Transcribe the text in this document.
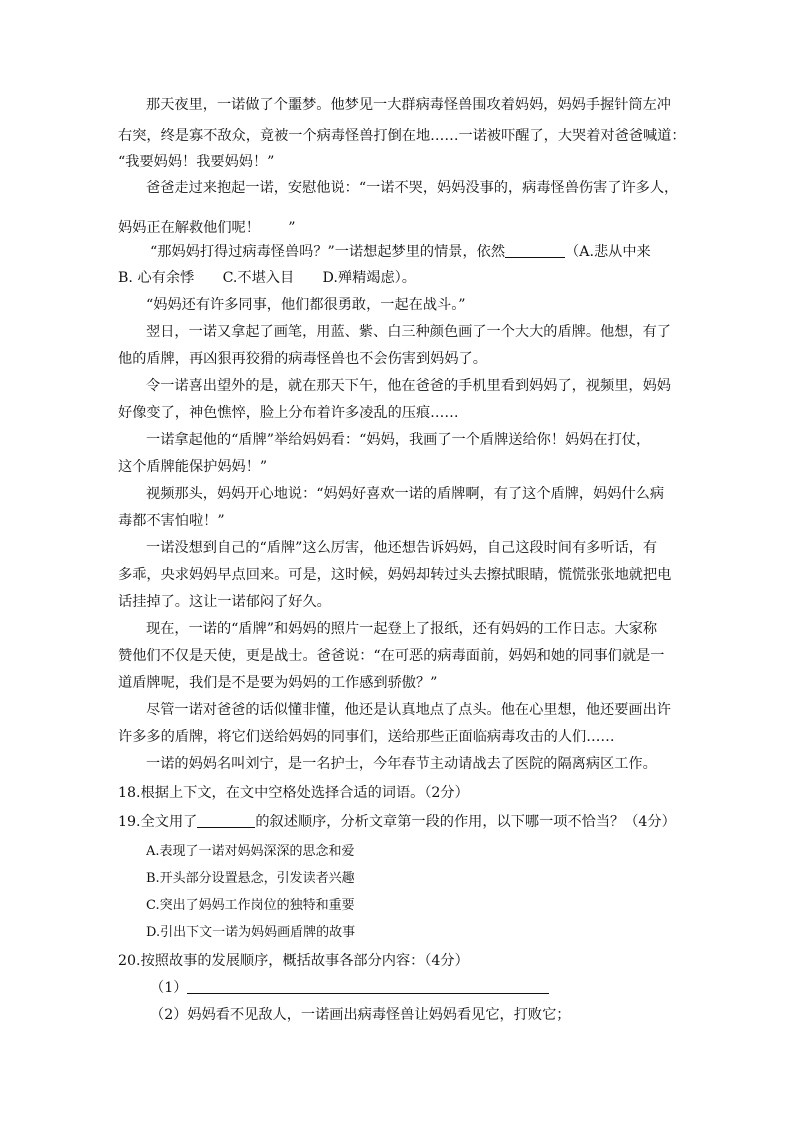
那天夜里，一诺做了个噩梦。他梦见一大群病毒怪兽围攻着妈妈，妈妈手握针筒左冲
右突，终是寡不敌众，竟被一个病毒怪兽打倒在地……一诺被吓醒了，大哭着对爸爸喊道：
“我要妈妈！我要妈妈！”
爸爸走过来抱起一诺，安慰他说：“一诺不哭，妈妈没事的，病毒怪兽伤害了许多人，
妈妈正在解救他们呢！　　”
“那妈妈打得过病毒怪兽吗？”一诺想起梦里的情景，依然	（A.悲从中来
B. 心有余悸　　C.不堪入目　　D.殚精竭虑）。
“妈妈还有许多同事，他们都很勇敢，一起在战斗。”
翌日，一诺又拿起了画笔，用蓝、紫、白三种颜色画了一个大大的盾牌。他想，有了
他的盾牌，再凶狠再狡猾的病毒怪兽也不会伤害到妈妈了。
令一诺喜出望外的是，就在那天下午，他在爸爸的手机里看到妈妈了，视频里，妈妈
好像变了，神色憔悴，脸上分布着许多凌乱的压痕……
一诺拿起他的“盾牌”举给妈妈看：“妈妈，我画了一个盾牌送给你！妈妈在打仗，
这个盾牌能保护妈妈！”
视频那头，妈妈开心地说：“妈妈好喜欢一诺的盾牌啊，有了这个盾牌，妈妈什么病
毒都不害怕啦！”
一诺没想到自己的“盾牌”这么厉害，他还想告诉妈妈，自己这段时间有多听话，有
多乖，央求妈妈早点回来。可是，这时候，妈妈却转过头去擦拭眼睛，慌慌张张地就把电
话挂掉了。这让一诺郁闷了好久。
现在，一诺的“盾牌”和妈妈的照片一起登上了报纸，还有妈妈的工作日志。大家称
赞他们不仅是天使，更是战士。爸爸说：“在可恶的病毒面前，妈妈和她的同事们就是一
道盾牌呢，我们是不是要为妈妈的工作感到骄傲？”
尽管一诺对爸爸的话似懂非懂，他还是认真地点了点头。他在心里想，他还要画出许
许多多的盾牌，将它们送给妈妈的同事们，送给那些正面临病毒攻击的人们……
一诺的妈妈名叫刘宁，是一名护士，今年春节主动请战去了医院的隔离病区工作。
18.根据上下文，在文中空格处选择合适的词语。（2分）
19.全文用了	的叙述顺序，分析文章第一段的作用，以下哪一项不恰当？（4分）
A.表现了一诺对妈妈深深的思念和爱
B.开头部分设置悬念，引发读者兴趣
C.突出了妈妈工作岗位的独特和重要
D.引出下文一诺为妈妈画盾牌的故事
20.按照故事的发展顺序，概括故事各部分内容：（4分）
（1）
（2）妈妈看不见敌人，一诺画出病毒怪兽让妈妈看见它，打败它；
